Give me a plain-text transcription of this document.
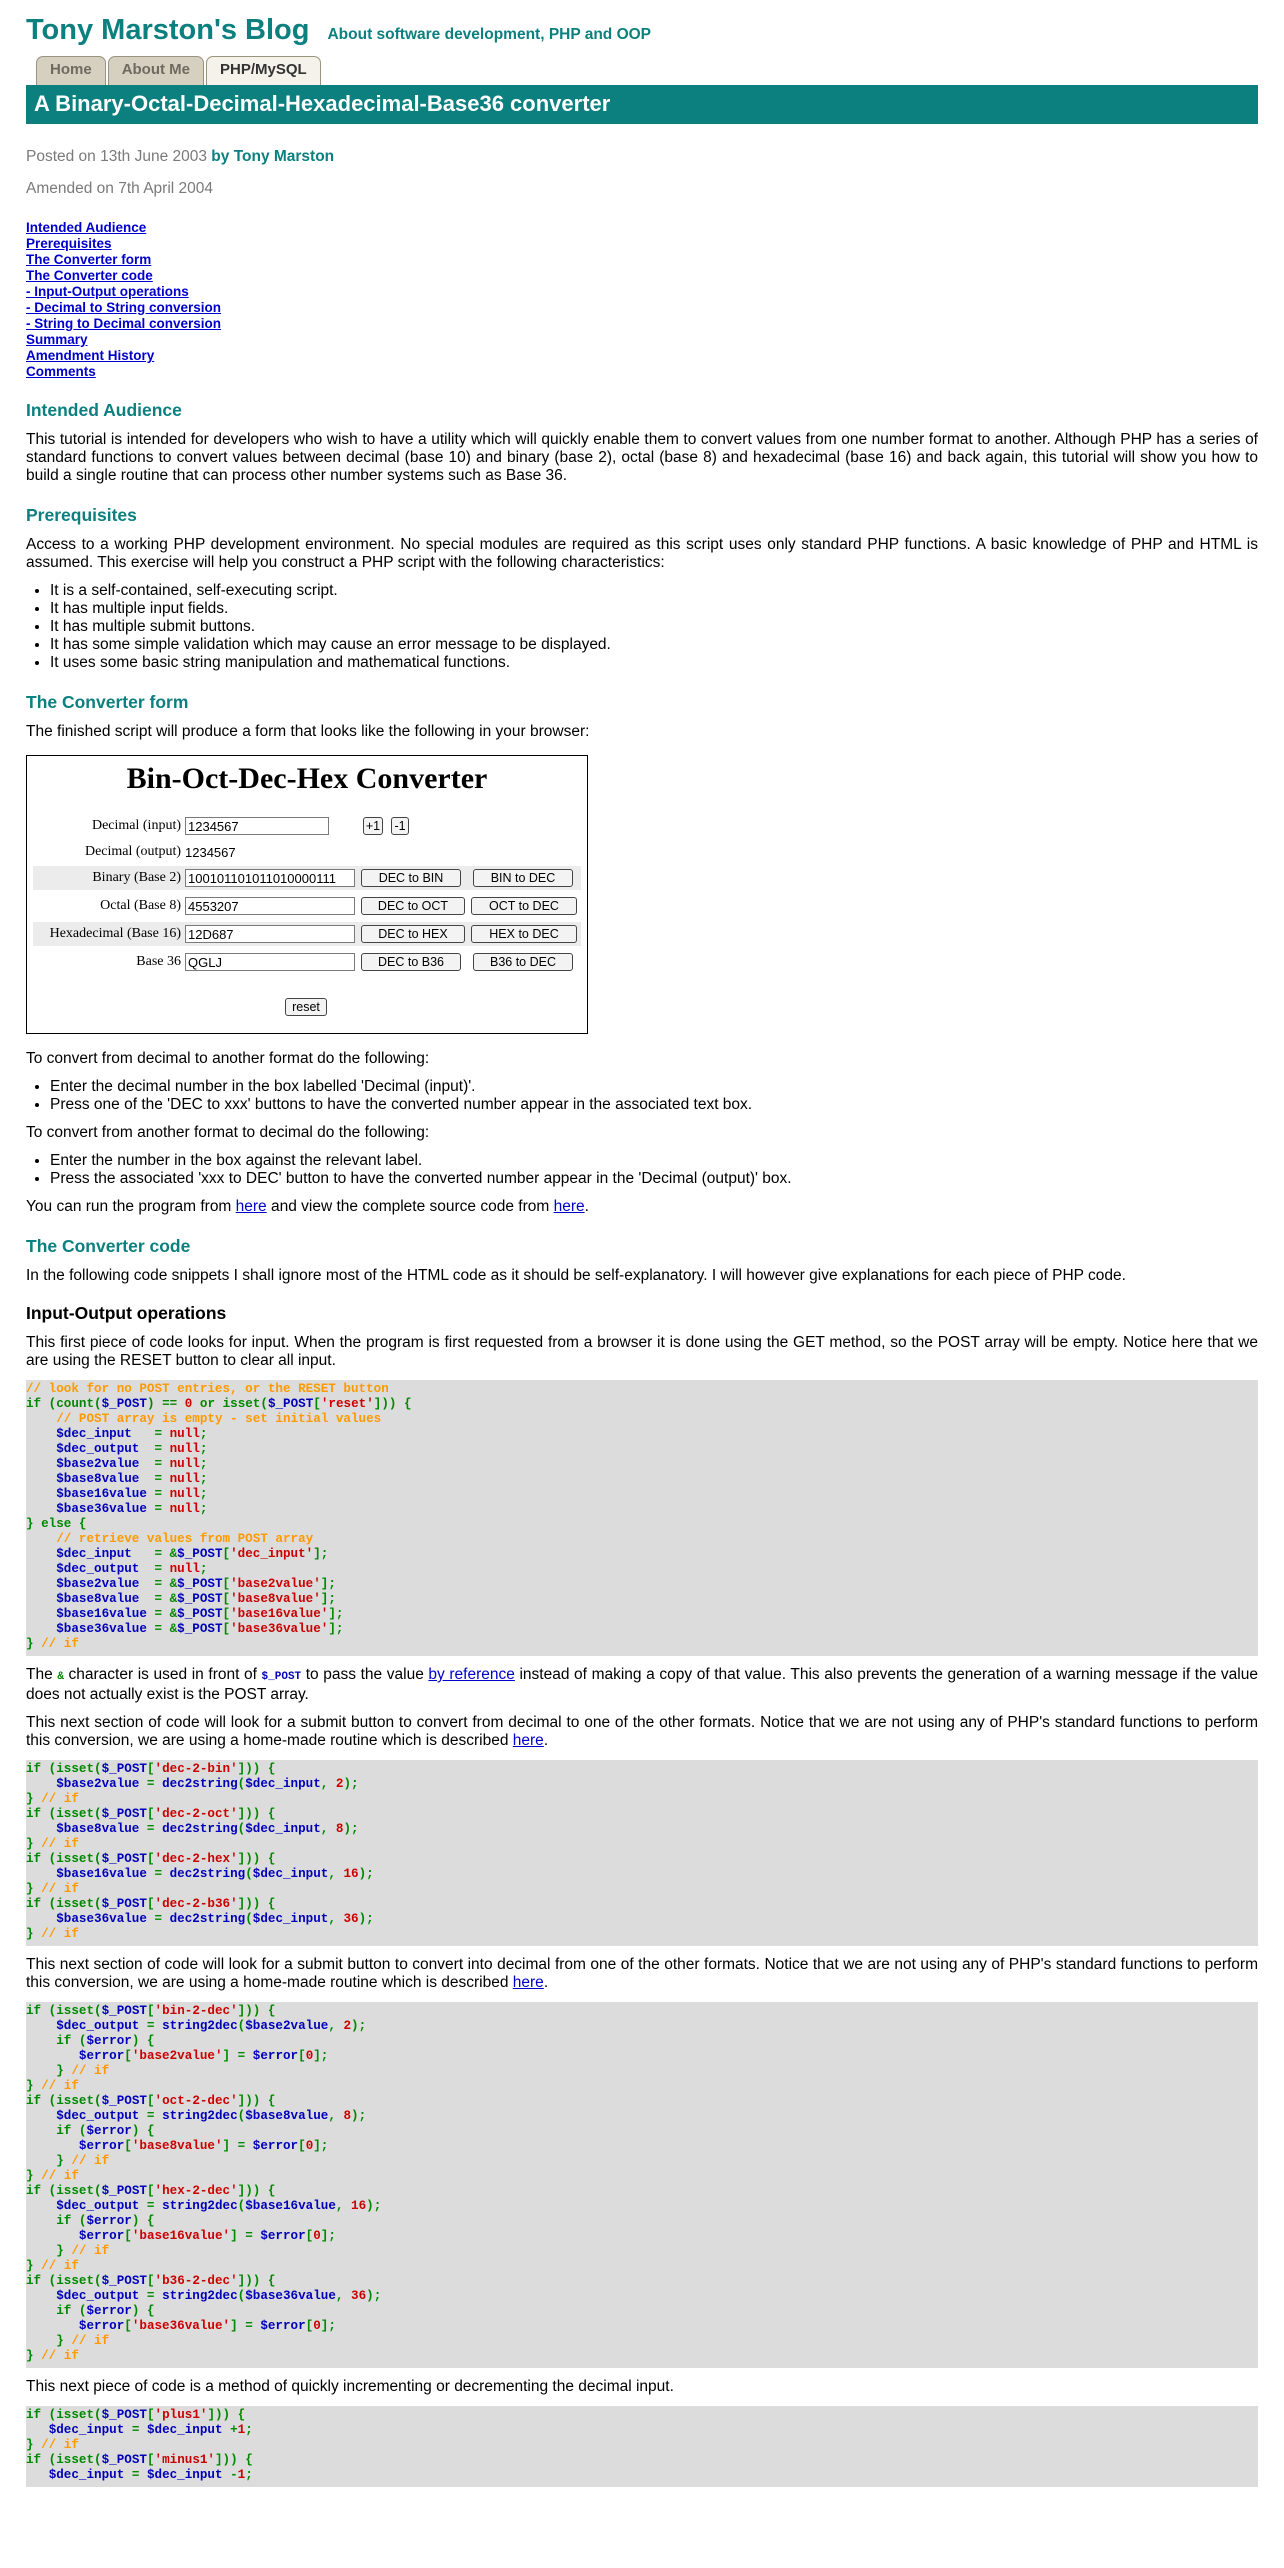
Tony Marston's Blog About software development, PHP and OOP
Home	About Me	PHP/MySQL
A Binary-Octal-Decimal-Hexadecimal-Base36 converter
Posted on 13th June 2003 by Tony Marston
Amended on 7th April 2004
Intended Audience
Prerequisites
The Converter form
The Converter code
- Input-Output operations
- Decimal to String conversion
- String to Decimal conversion
Summary
Amendment History
Comments
Intended Audience

This tutorial is intended for developers who wish to have a utility which will quickly enable them to convert values from one number format to another. Although PHP has a series of standard functions to convert values between decimal (base 10) and binary (base 2), octal (base 8) and hexadecimal (base 16) and back again, this tutorial will show you how to build a single routine that can process other number systems such as Base 36.

Prerequisites

Access to a working PHP development environment. No special modules are required as this script uses only standard PHP functions. A basic knowledge of PHP and HTML is assumed. This exercise will help you construct a PHP script with the following characteristics:

• It is a self-contained, self-executing script.
• It has multiple input fields.
• It has multiple submit buttons.
• It has some simple validation which may cause an error message to be displayed.
• It uses some basic string manipulation and mathematical functions.
The Converter form

The finished script will produce a form that looks like the following in your browser:

Bin-Oct-Dec-Hex Converter
Decimal (input) 1234567	+1 -1
Decimal (output) 1234567
Binary (Base 2) 100101101011010000111	DEC to BIN	BIN to DEC
Octal (Base 8) 4553207	DEC to OCT	OCT to DEC
Hexadecimal (Base 16) 12D687	DEC to HEX	HEX to DEC
Base 36 QGLJ	DEC to B36	B36 to DEC
reset

To convert from decimal to another format do the following:

• Enter the decimal number in the box labelled 'Decimal (input)'.
• Press one of the 'DEC to xxx' buttons to have the converted number appear in the associated text box.

To convert from another format to decimal do the following:

• Enter the number in the box against the relevant label.
• Press the associated 'xxx to DEC' button to have the converted number appear in the 'Decimal (output)' box.

You can run the program from here and view the complete source code from here.

The Converter code

In the following code snippets I shall ignore most of the HTML code as it should be self-explanatory. I will however give explanations for each piece of PHP code.

Input-Output operations

This first piece of code looks for input. When the program is first requested from a browser it is done using the GET method, so the POST array will be empty. Notice here that we are using the RESET button to clear all input.

// look for no POST entries, or the RESET button
if (count($_POST) == 0 or isset($_POST['reset'])) {
// POST array is empty - set initial values
$dec_input   = null;
$dec_output  = null;
$base2value  = null;
$base8value  = null;
$base16value = null;
$base36value = null;
} else {
// retrieve values from POST array
$dec_input   = &$_POST['dec_input'];
$dec_output  = null;
$base2value  = &$_POST['base2value'];
$base8value  = &$_POST['base8value'];
$base16value = &$_POST['base16value'];
$base36value = &$_POST['base36value'];
} // if

The & character is used in front of $_POST to pass the value by reference instead of making a copy of that value. This also prevents the generation of a warning message if the value does not actually exist is the POST array.

This next section of code will look for a submit button to convert from decimal to one of the other formats. Notice that we are not using any of PHP's standard functions to perform this conversion, we are using a home-made routine which is described here.

if (isset($_POST['dec-2-bin'])) {
$base2value = dec2string($dec_input, 2);
} // if
if (isset($_POST['dec-2-oct'])) {
$base8value = dec2string($dec_input, 8);
} // if
if (isset($_POST['dec-2-hex'])) {
$base16value = dec2string($dec_input, 16);
} // if
if (isset($_POST['dec-2-b36'])) {
$base36value = dec2string($dec_input, 36);
} // if

This next section of code will look for a submit button to convert into decimal from one of the other formats. Notice that we are not using any of PHP's standard functions to perform this conversion, we are using a home-made routine which is described here.

if (isset($_POST['bin-2-dec'])) {
$dec_output = string2dec($base2value, 2);
if ($error) {
$error['base2value'] = $error[0];
} // if
} // if
if (isset($_POST['oct-2-dec'])) {
$dec_output = string2dec($base8value, 8);
if ($error) {
$error['base8value'] = $error[0];
} // if
} // if
if (isset($_POST['hex-2-dec'])) {
$dec_output = string2dec($base16value, 16);
if ($error) {
$error['base16value'] = $error[0];
} // if
} // if
if (isset($_POST['b36-2-dec'])) {
$dec_output = string2dec($base36value, 36);
if ($error) {
$error['base36value'] = $error[0];
} // if
} // if

This next piece of code is a method of quickly incrementing or decrementing the decimal input.

if (isset($_POST['plus1'])) {
$dec_input = $dec_input +1;
} // if
if (isset($_POST['minus1'])) {
$dec_input = $dec_input -1;
